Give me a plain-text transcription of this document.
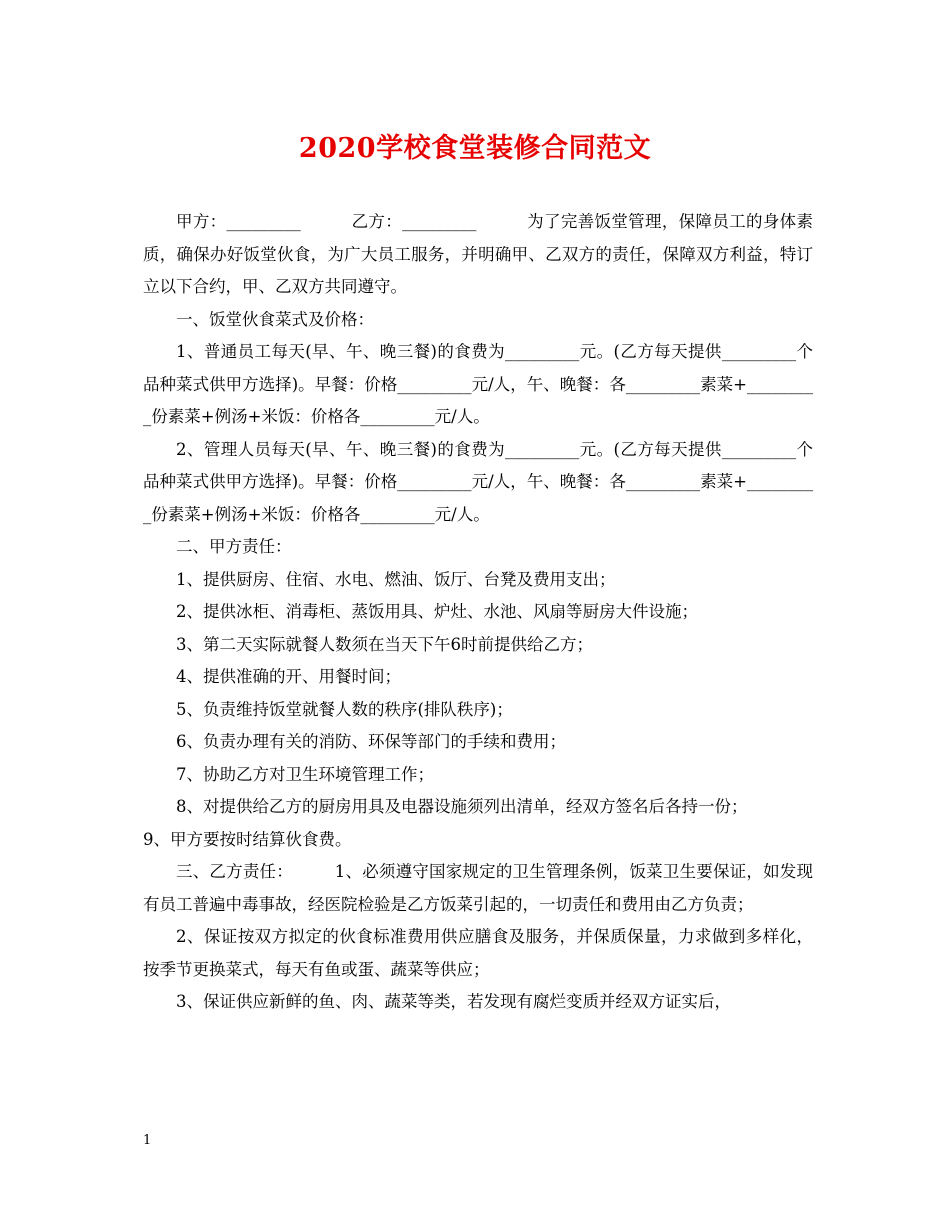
2020学校食堂装修合同范文

甲方：_________　　　乙方：_________　　　为了完善饭堂管理，保障员工的身体素质，确保办好饭堂伙食，为广大员工服务，并明确甲、乙双方的责任，保障双方利益，特订立以下合约，甲、乙双方共同遵守。

一、饭堂伙食菜式及价格：

1、普通员工每天(早、午、晚三餐)的食费为_________元。(乙方每天提供_________个品种菜式供甲方选择)。早餐：价格_________元/人，午、晚餐：各_________素菜+_________份素菜+例汤+米饭：价格各_________元/人。

2、管理人员每天(早、午、晚三餐)的食费为_________元。(乙方每天提供_________个品种菜式供甲方选择)。早餐：价格_________元/人，午、晚餐：各_________素菜+_________份素菜+例汤+米饭：价格各_________元/人。

二、甲方责任：

1、提供厨房、住宿、水电、燃油、饭厅、台凳及费用支出；

2、提供冰柜、消毒柜、蒸饭用具、炉灶、水池、风扇等厨房大件设施；

3、第二天实际就餐人数须在当天下午6时前提供给乙方；

4、提供准确的开、用餐时间；

5、负责维持饭堂就餐人数的秩序(排队秩序)；

6、负责办理有关的消防、环保等部门的手续和费用；

7、协助乙方对卫生环境管理工作；

8、对提供给乙方的厨房用具及电器设施须列出清单，经双方签名后各持一份；

9、甲方要按时结算伙食费。

三、乙方责任：　　　1、必须遵守国家规定的卫生管理条例，饭菜卫生要保证，如发现有员工普遍中毒事故，经医院检验是乙方饭菜引起的，一切责任和费用由乙方负责；

2、保证按双方拟定的伙食标准费用供应膳食及服务，并保质保量，力求做到多样化，按季节更换菜式，每天有鱼或蛋、蔬菜等供应；

3、保证供应新鲜的鱼、肉、蔬菜等类，若发现有腐烂变质并经双方证实后，

1
